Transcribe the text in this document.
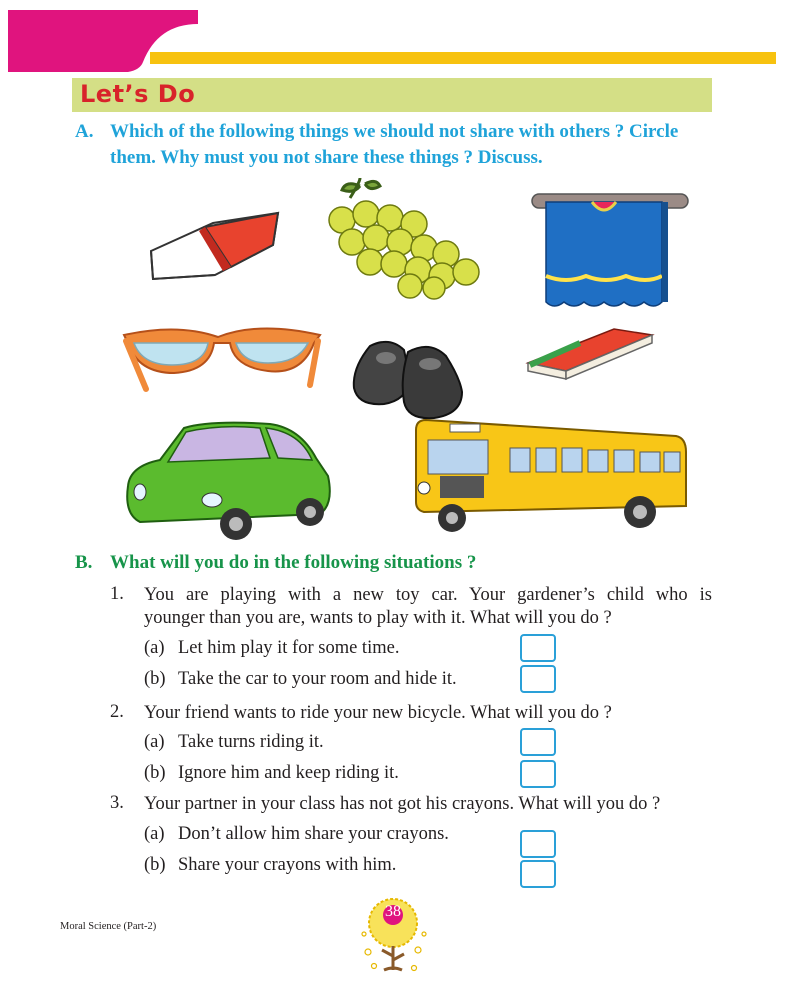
Let’s Do
A. Which of the following things we should not share with others ? Circle
them. Why must you not share these things ? Discuss.
B. What will you do in the following situations ?
1. You are playing with a new toy car. Your gardener’s child who is
younger than you are, wants to play with it. What will you do ?
(a) Let him play it for some time.
(b) Take the car to your room and hide it.
2. Your friend wants to ride your new bicycle. What will you do ?
(a) Take turns riding it.
(b) Ignore him and keep riding it.
3. Your partner in your class has not got his crayons. What will you do ?
(a) Don’t allow him share your crayons.
(b) Share your crayons with him.
Moral Science (Part-2)
38
